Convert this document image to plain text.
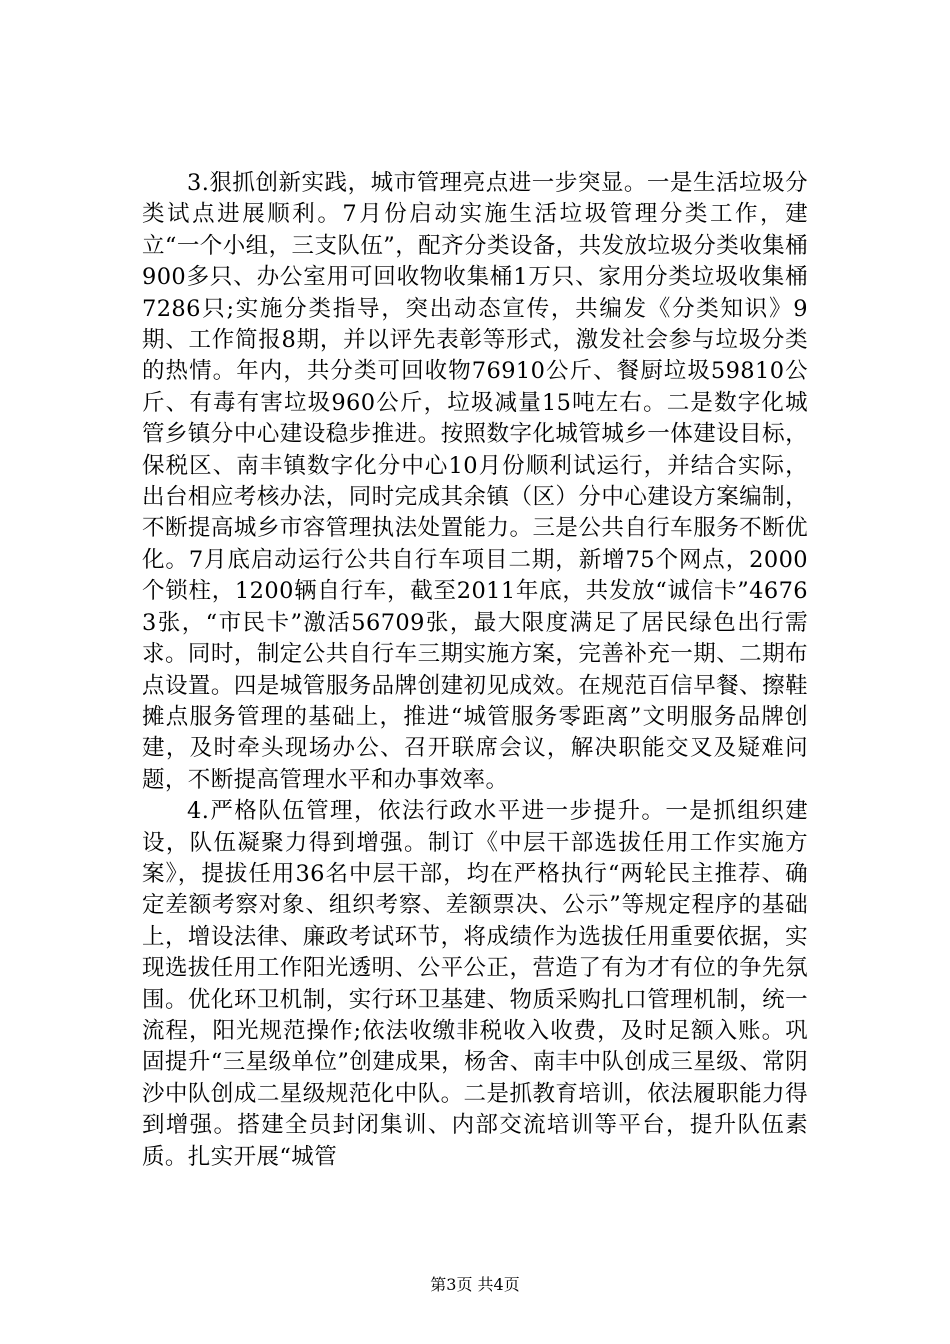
3.狠抓创新实践，城市管理亮点进一步突显。一是生活垃圾分类试点进展顺利。7月份启动实施生活垃圾管理分类工作，建立“一个小组，三支队伍”，配齐分类设备，共发放垃圾分类收集桶900多只、办公室用可回收物收集桶1万只、家用分类垃圾收集桶7286只;实施分类指导，突出动态宣传，共编发《分类知识》9期、工作简报8期，并以评先表彰等形式，激发社会参与垃圾分类的热情。年内，共分类可回收物76910公斤、餐厨垃圾59810公斤、有毒有害垃圾960公斤，垃圾减量15吨左右。二是数字化城管乡镇分中心建设稳步推进。按照数字化城管城乡一体建设目标，保税区、南丰镇数字化分中心10月份顺利试运行，并结合实际，出台相应考核办法，同时完成其余镇（区）分中心建设方案编制，不断提高城乡市容管理执法处置能力。三是公共自行车服务不断优化。7月底启动运行公共自行车项目二期，新增75个网点，2000个锁柱，1200辆自行车，截至2011年底，共发放“诚信卡”46763张，“市民卡”激活56709张，最大限度满足了居民绿色出行需求。同时，制定公共自行车三期实施方案，完善补充一期、二期布点设置。四是城管服务品牌创建初见成效。在规范百信早餐、擦鞋摊点服务管理的基础上，推进“城管服务零距离”文明服务品牌创建，及时牵头现场办公、召开联席会议，解决职能交叉及疑难问题，不断提高管理水平和办事效率。

4.严格队伍管理，依法行政水平进一步提升。一是抓组织建设，队伍凝聚力得到增强。制订《中层干部选拔任用工作实施方案》，提拔任用36名中层干部，均在严格执行“两轮民主推荐、确定差额考察对象、组织考察、差额票决、公示”等规定程序的基础上，增设法律、廉政考试环节，将成绩作为选拔任用重要依据，实现选拔任用工作阳光透明、公平公正，营造了有为才有位的争先氛围。优化环卫机制，实行环卫基建、物质采购扎口管理机制，统一流程，阳光规范操作;依法收缴非税收入收费，及时足额入账。巩固提升“三星级单位”创建成果，杨舍、南丰中队创成三星级、常阴沙中队创成二星级规范化中队。二是抓教育培训，依法履职能力得到增强。搭建全员封闭集训、内部交流培训等平台，提升队伍素质。扎实开展“城管

第3页 共4页
